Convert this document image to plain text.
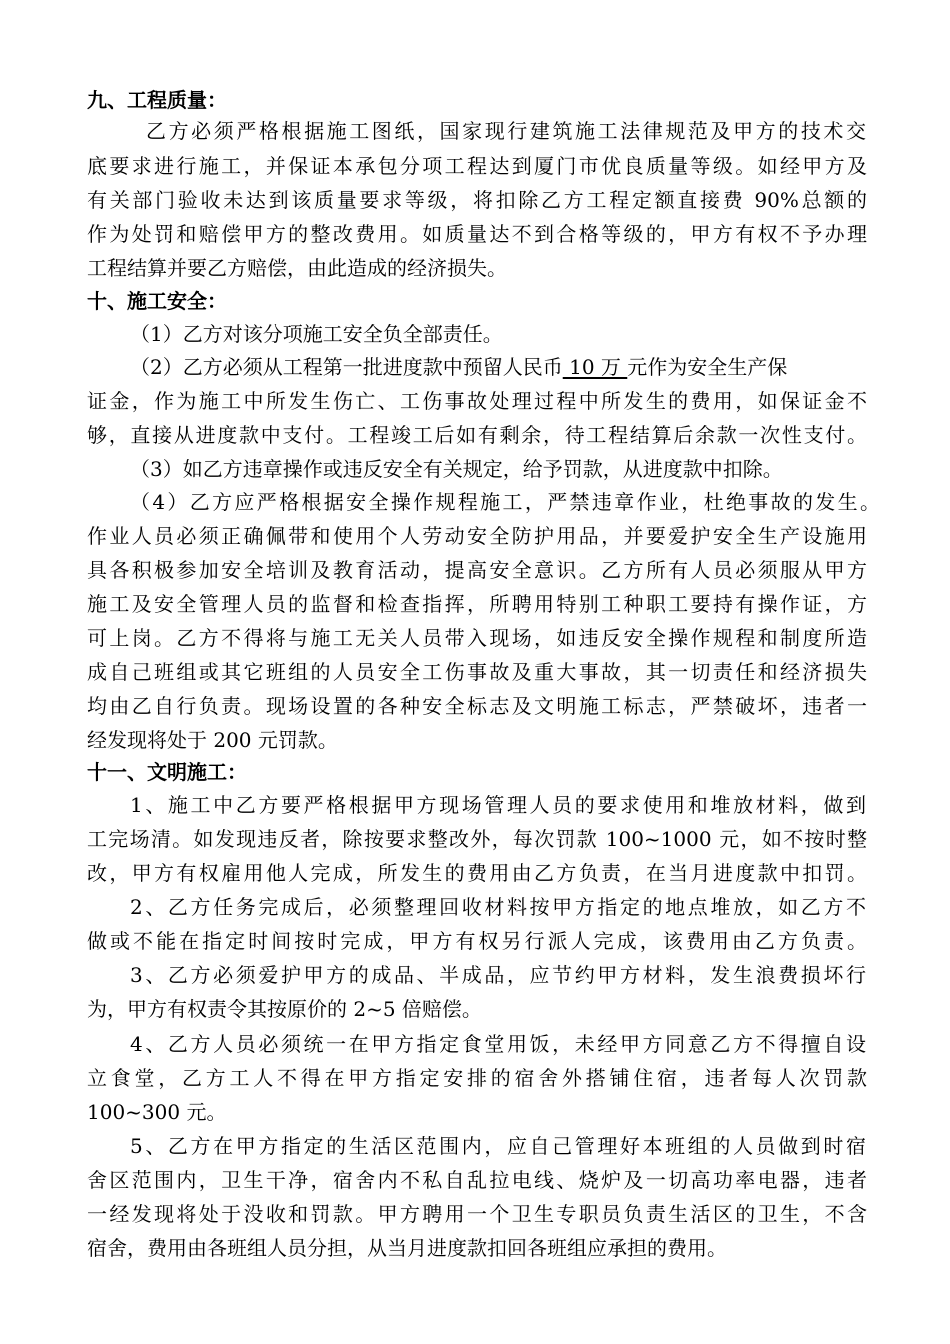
九、工程质量：
乙方必须严格根据施工图纸，国家现行建筑施工法律规范及甲方的技术交
底要求进行施工，并保证本承包分项工程达到厦门市优良质量等级。如经甲方及
有关部门验收未达到该质量要求等级，将扣除乙方工程定额直接费 90%总额的
作为处罚和赔偿甲方的整改费用。如质量达不到合格等级的，甲方有权不予办理
工程结算并要乙方赔偿，由此造成的经济损失。
十、施工安全：
（1）乙方对该分项施工安全负全部责任。
（2）乙方必须从工程第一批进度款中预留人民币 10 万 元作为安全生产保
证金，作为施工中所发生伤亡、工伤事故处理过程中所发生的费用，如保证金不
够，直接从进度款中支付。工程竣工后如有剩余，待工程结算后余款一次性支付。
（3）如乙方违章操作或违反安全有关规定，给予罚款，从进度款中扣除。
（4）乙方应严格根据安全操作规程施工，严禁违章作业，杜绝事故的发生。
作业人员必须正确佩带和使用个人劳动安全防护用品，并要爱护安全生产设施用
具各积极参加安全培训及教育活动，提高安全意识。乙方所有人员必须服从甲方
施工及安全管理人员的监督和检查指挥，所聘用特别工种职工要持有操作证，方
可上岗。乙方不得将与施工无关人员带入现场，如违反安全操作规程和制度所造
成自己班组或其它班组的人员安全工伤事故及重大事故，其一切责任和经济损失
均由乙自行负责。现场设置的各种安全标志及文明施工标志，严禁破坏，违者一
经发现将处于 200 元罚款。
十一、文明施工：
1、施工中乙方要严格根据甲方现场管理人员的要求使用和堆放材料，做到
工完场清。如发现违反者，除按要求整改外，每次罚款 100~1000 元，如不按时整
改，甲方有权雇用他人完成，所发生的费用由乙方负责，在当月进度款中扣罚。
2、乙方任务完成后，必须整理回收材料按甲方指定的地点堆放，如乙方不
做或不能在指定时间按时完成，甲方有权另行派人完成，该费用由乙方负责。
3、乙方必须爱护甲方的成品、半成品，应节约甲方材料，发生浪费损坏行
为，甲方有权责令其按原价的 2~5 倍赔偿。
4、乙方人员必须统一在甲方指定食堂用饭，未经甲方同意乙方不得擅自设
立食堂，乙方工人不得在甲方指定安排的宿舍外搭铺住宿，违者每人次罚款
100~300 元。
5、乙方在甲方指定的生活区范围内，应自己管理好本班组的人员做到时宿
舍区范围内，卫生干净，宿舍内不私自乱拉电线、烧炉及一切高功率电器，违者
一经发现将处于没收和罚款。甲方聘用一个卫生专职员负责生活区的卫生，不含
宿舍，费用由各班组人员分担，从当月进度款扣回各班组应承担的费用。
